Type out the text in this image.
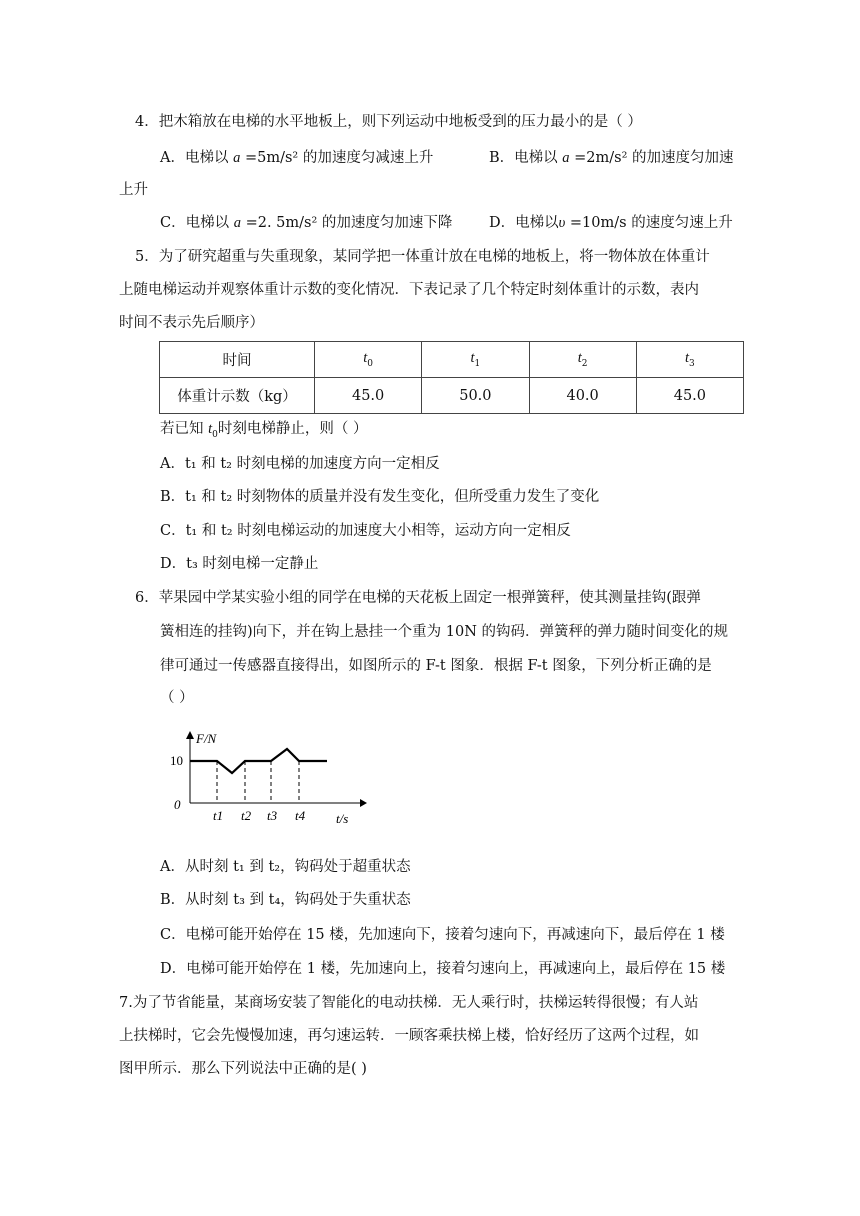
4．把木箱放在电梯的水平地板上，则下列运动中地板受到的压力最小的是（ ）
A．电梯以 a =5m/s² 的加速度匀减速上升	B．电梯以 a =2m/s² 的加速度匀加速
上升
C．电梯以 a =2. 5m/s² 的加速度匀加速下降	D．电梯以υ =10m/s 的速度匀速上升
5．为了研究超重与失重现象，某同学把一体重计放在电梯的地板上，将一物体放在体重计
上随电梯运动并观察体重计示数的变化情况．下表记录了几个特定时刻体重计的示数，表内
时间不表示先后顺序）
时间	$t_0$	$t_1$	$t_2$	$t_3$
体重计示数（kg）	45.0	50.0	40.0	45.0
若已知 $t_0$时刻电梯静止，则（ ）
A．t₁ 和 t₂ 时刻电梯的加速度方向一定相反
B．t₁ 和 t₂ 时刻物体的质量并没有发生变化，但所受重力发生了变化
C．t₁ 和 t₂ 时刻电梯运动的加速度大小相等，运动方向一定相反
D．t₃ 时刻电梯一定静止
6．苹果园中学某实验小组的同学在电梯的天花板上固定一根弹簧秤，使其测量挂钩(跟弹
簧相连的挂钩)向下，并在钩上悬挂一个重为 10N 的钩码．弹簧秤的弹力随时间变化的规
律可通过一传感器直接得出，如图所示的 F-t 图象．根据 F-t 图象，下列分析正确的是
（ ）
F/N
10
0
t1 t2 t3 t4 t/s
A．从时刻 t₁ 到 t₂，钩码处于超重状态
B．从时刻 t₃ 到 t₄，钩码处于失重状态
C．电梯可能开始停在 15 楼，先加速向下，接着匀速向下，再减速向下，最后停在 1 楼
D．电梯可能开始停在 1 楼，先加速向上，接着匀速向上，再减速向上，最后停在 15 楼
7.为了节省能量，某商场安装了智能化的电动扶梯．无人乘行时，扶梯运转得很慢；有人站
上扶梯时，它会先慢慢加速，再匀速运转．一顾客乘扶梯上楼，恰好经历了这两个过程，如
图甲所示．那么下列说法中正确的是( )
